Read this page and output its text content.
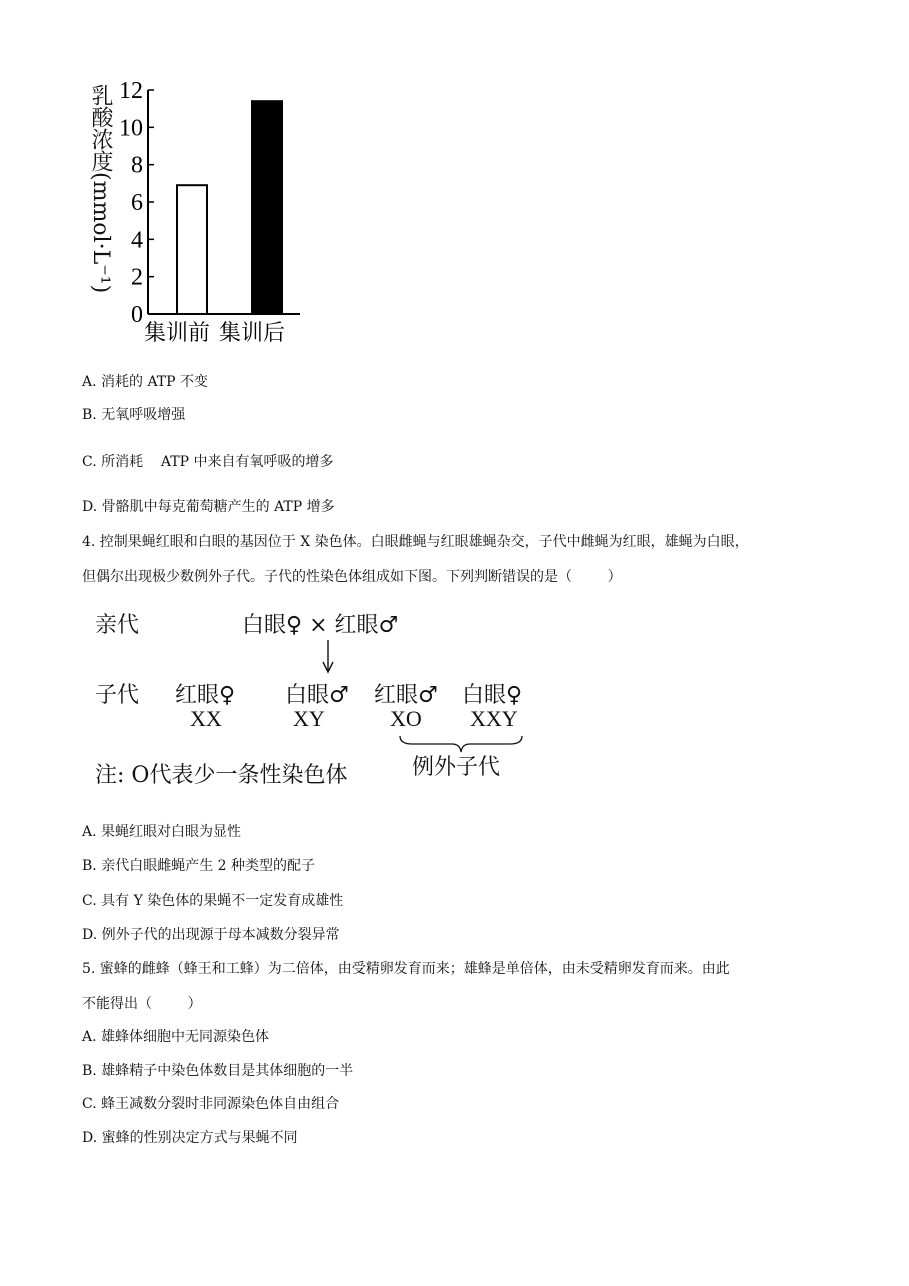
乳酸浓度(mmol·L⁻¹)
0
2
4
6
8
10
12
集训前 集训后
A. 消耗的 ATP 不变
B. 无氧呼吸增强
C. 所消耗    ATP 中来自有氧呼吸的增多
D. 骨骼肌中每克葡萄糖产生的 ATP 增多
4. 控制果蝇红眼和白眼的基因位于 X 染色体。白眼雌蝇与红眼雄蝇杂交，子代中雌蝇为红眼，雄蝇为白眼，
但偶尔出现极少数例外子代。子代的性染色体组成如下图。下列判断错误的是（        ）
亲代	白眼♀ × 红眼♂
子代 红眼♀
XX
白眼♂
XY
红眼♂
XO
白眼♀
XXY
例外子代
注: O代表少一条性染色体
A. 果蝇红眼对白眼为显性
B. 亲代白眼雌蝇产生 2 种类型的配子
C. 具有 Y 染色体的果蝇不一定发育成雄性
D. 例外子代的出现源于母本减数分裂异常
5. 蜜蜂的雌蜂（蜂王和工蜂）为二倍体，由受精卵发育而来；雄蜂是单倍体，由未受精卵发育而来。由此
不能得出（        ）
A. 雄蜂体细胞中无同源染色体
B. 雄蜂精子中染色体数目是其体细胞的一半
C. 蜂王减数分裂时非同源染色体自由组合
D. 蜜蜂的性别决定方式与果蝇不同
